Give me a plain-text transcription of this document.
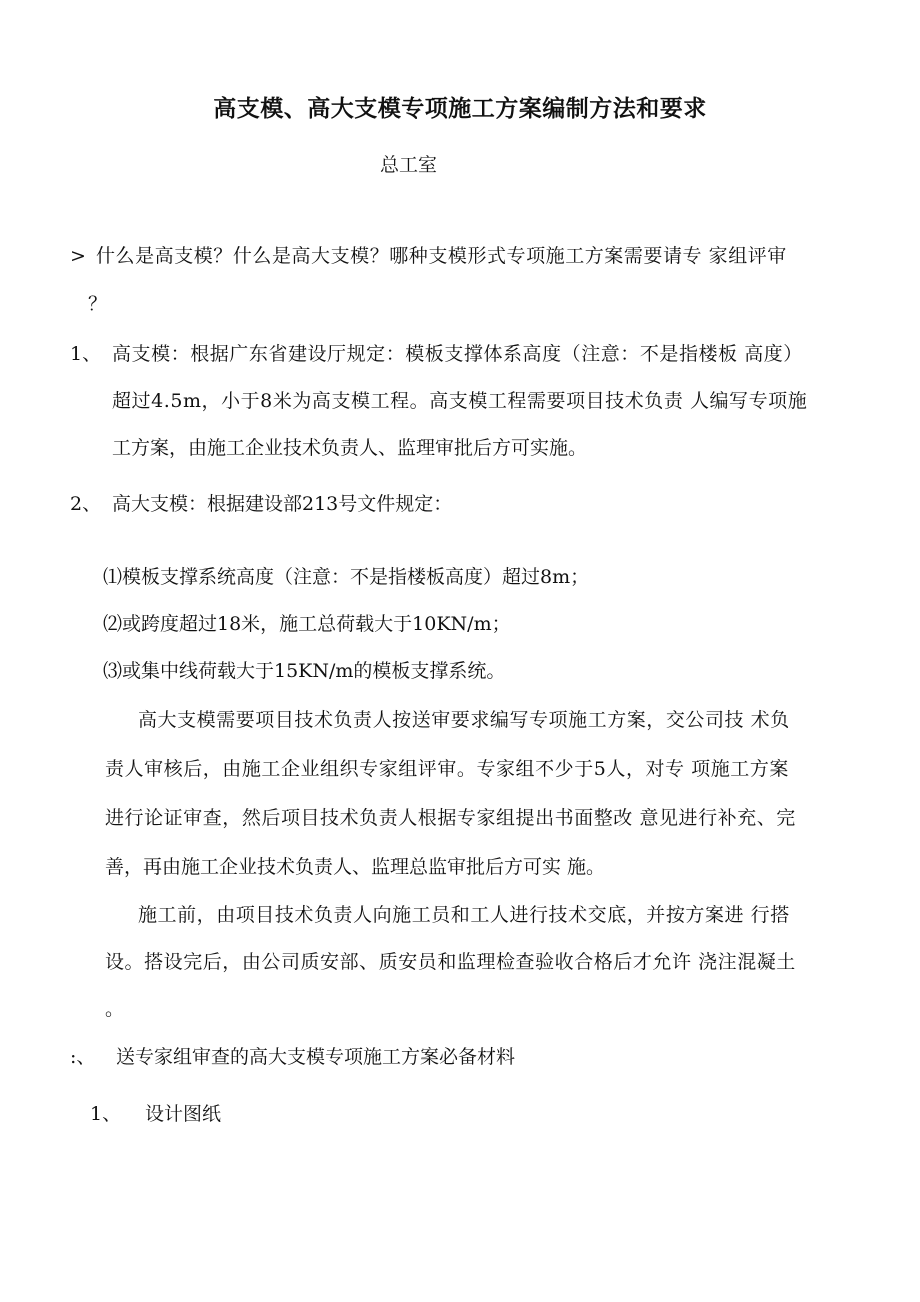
高支模、高大支模专项施工方案编制方法和要求
总工室
> 什么是高支模？什么是高大支模？哪种支模形式专项施工方案需要请专 家组评审
？
1、 高支模：根据广东省建设厅规定：模板支撑体系高度（注意：不是指楼板 高度）
超过4.5m，小于8米为高支模工程。高支模工程需要项目技术负责 人编写专项施
工方案，由施工企业技术负责人、监理审批后方可实施。
2、 高大支模：根据建设部213号文件规定：
⑴模板支撑系统高度（注意：不是指楼板高度）超过8m；
⑵或跨度超过18米，施工总荷载大于10KN/m；
⑶或集中线荷载大于15KN/m的模板支撑系统。
高大支模需要项目技术负责人按送审要求编写专项施工方案，交公司技 术负
责人审核后，由施工企业组织专家组评审。专家组不少于5人，对专 项施工方案
进行论证审查，然后项目技术负责人根据专家组提出书面整改 意见进行补充、完
善，再由施工企业技术负责人、监理总监审批后方可实 施。
施工前，由项目技术负责人向施工员和工人进行技术交底，并按方案进 行搭
设。搭设完后，由公司质安部、质安员和监理检查验收合格后才允许 浇注混凝土
。
:、 送专家组审查的高大支模专项施工方案必备材料
1、 设计图纸
